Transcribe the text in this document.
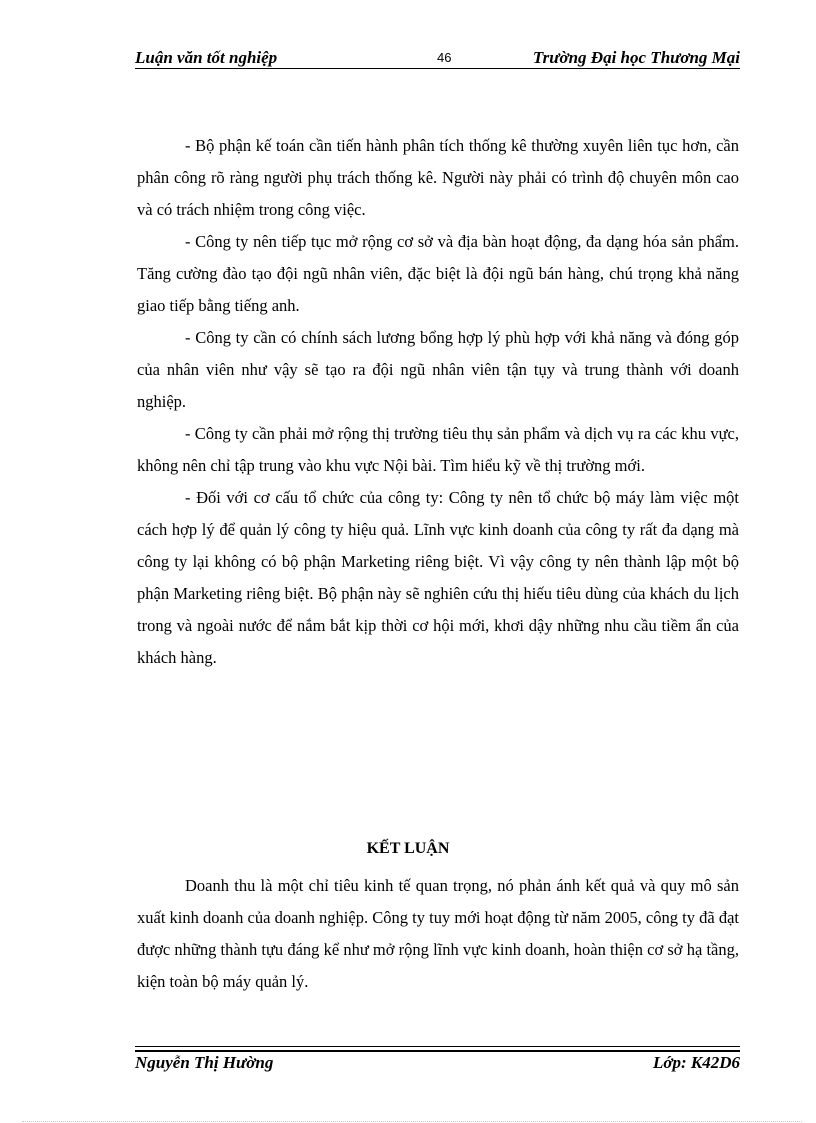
Luận văn tốt nghiệp	46	Trường Đại học Thương Mại

- Bộ phận kế toán cần tiến hành phân tích thống kê thường xuyên liên tục hơn, cần phân công rõ ràng người phụ trách thống kê. Người này phải có trình độ chuyên môn cao và có trách nhiệm trong công việc.

- Công ty nên tiếp tục mở rộng cơ sở và địa bàn hoạt động, đa dạng hóa sản phẩm. Tăng cường đào tạo đội ngũ nhân viên, đặc biệt là đội ngũ bán hàng, chú trọng khả năng giao tiếp bằng tiếng anh.

- Công ty cần có chính sách lương bổng hợp lý phù hợp với khả năng và đóng góp của nhân viên như vậy sẽ tạo ra đội ngũ nhân viên tận tụy và trung thành với doanh nghiệp.

- Công ty cần phải mở rộng thị trường tiêu thụ sản phẩm và dịch vụ ra các khu vực, không nên chỉ tập trung vào khu vực Nội bài. Tìm hiểu kỹ về thị trường mới.

- Đối với cơ cấu tổ chức của công ty: Công ty nên tổ chức bộ máy làm việc một cách hợp lý để quản lý công ty hiệu quả. Lĩnh vực kinh doanh của công ty rất đa dạng mà công ty lại không có bộ phận Marketing riêng biệt. Vì vậy công ty nên thành lập một bộ phận Marketing riêng biệt. Bộ phận này sẽ nghiên cứu thị hiếu tiêu dùng của khách du lịch trong và ngoài nước để nắm bắt kịp thời cơ hội mới, khơi dậy những nhu cầu tiềm ẩn của khách hàng.

KẾT LUẬN

Doanh thu là một chỉ tiêu kinh tế quan trọng, nó phản ánh kết quả và quy mô sản xuất kinh doanh của doanh nghiệp. Công ty tuy mới hoạt động từ năm 2005, công ty đã đạt được những thành tựu đáng kể như mở rộng lĩnh vực kinh doanh, hoàn thiện cơ sở hạ tầng, kiện toàn bộ máy quản lý.

Nguyễn Thị Hường	Lớp: K42D6
